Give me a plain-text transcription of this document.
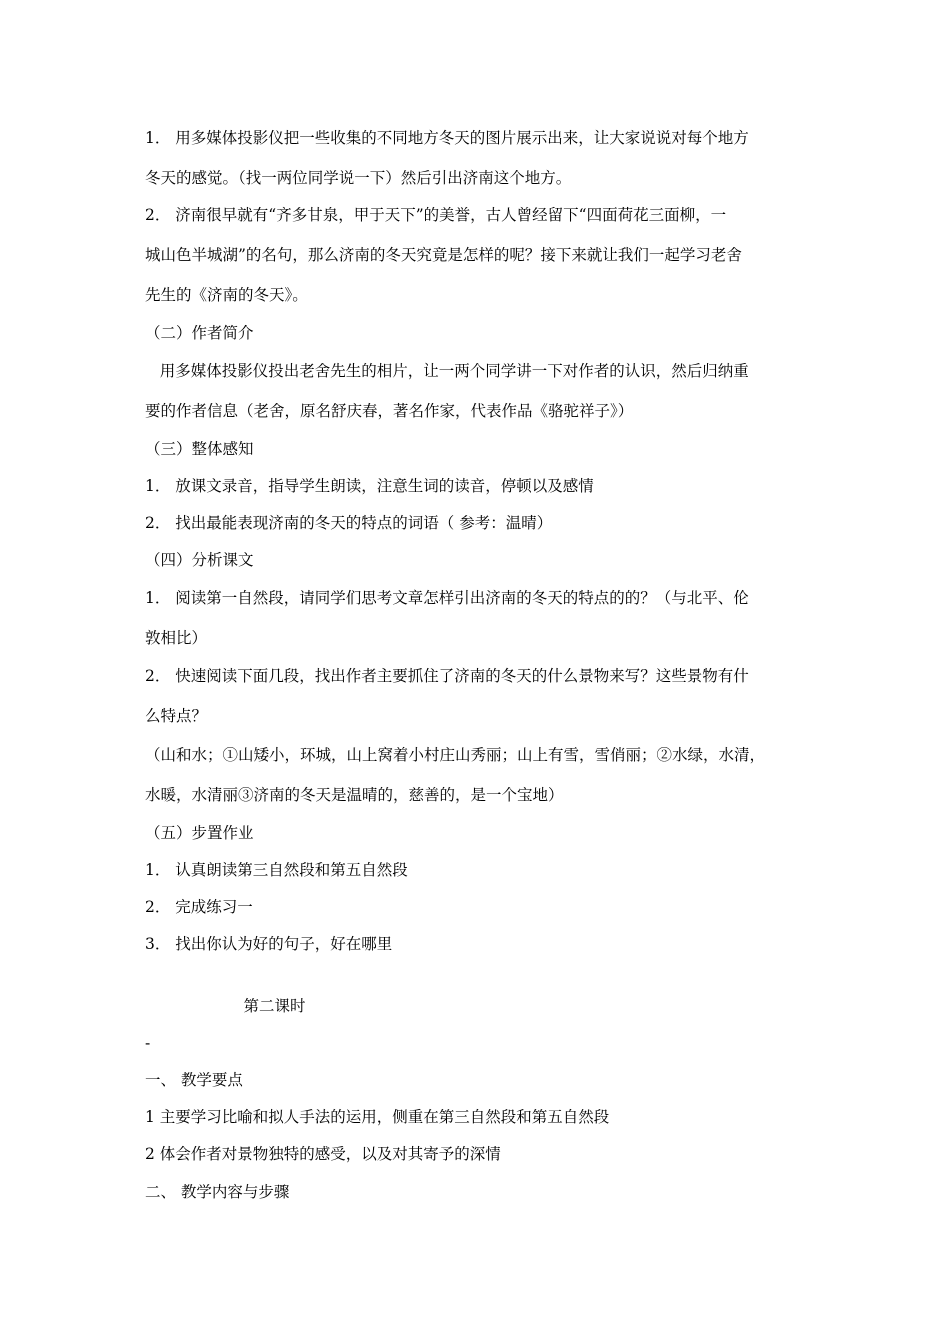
1． 用多媒体投影仪把一些收集的不同地方冬天的图片展示出来，让大家说说对每个地方
冬天的感觉。（找一两位同学说一下）然后引出济南这个地方。
2． 济南很早就有“齐多甘泉，甲于天下”的美誉，古人曾经留下“四面荷花三面柳，一
城山色半城湖”的名句，那么济南的冬天究竟是怎样的呢？接下来就让我们一起学习老舍
先生的《济南的冬天》。
（二）作者简介
用多媒体投影仪投出老舍先生的相片，让一两个同学讲一下对作者的认识，然后归纳重
要的作者信息（老舍，原名舒庆春，著名作家，代表作品《骆驼祥子》）
（三）整体感知
1． 放课文录音，指导学生朗读，注意生词的读音，停顿以及感情
2． 找出最能表现济南的冬天的特点的词语（ 参考：温晴）
（四）分析课文
1． 阅读第一自然段，请同学们思考文章怎样引出济南的冬天的特点的的？（与北平、伦
敦相比）
2． 快速阅读下面几段，找出作者主要抓住了济南的冬天的什么景物来写？这些景物有什
么特点？
（山和水；①山矮小，环城，山上窝着小村庄山秀丽；山上有雪，雪俏丽；②水绿，水清，
水暖，水清丽③济南的冬天是温晴的，慈善的，是一个宝地）
（五）步置作业
1． 认真朗读第三自然段和第五自然段
2． 完成练习一
3． 找出你认为好的句子，好在哪里
第二课时
-
一、 教学要点
1 主要学习比喻和拟人手法的运用，侧重在第三自然段和第五自然段
2 体会作者对景物独特的感受，以及对其寄予的深情
二、 教学内容与步骤
